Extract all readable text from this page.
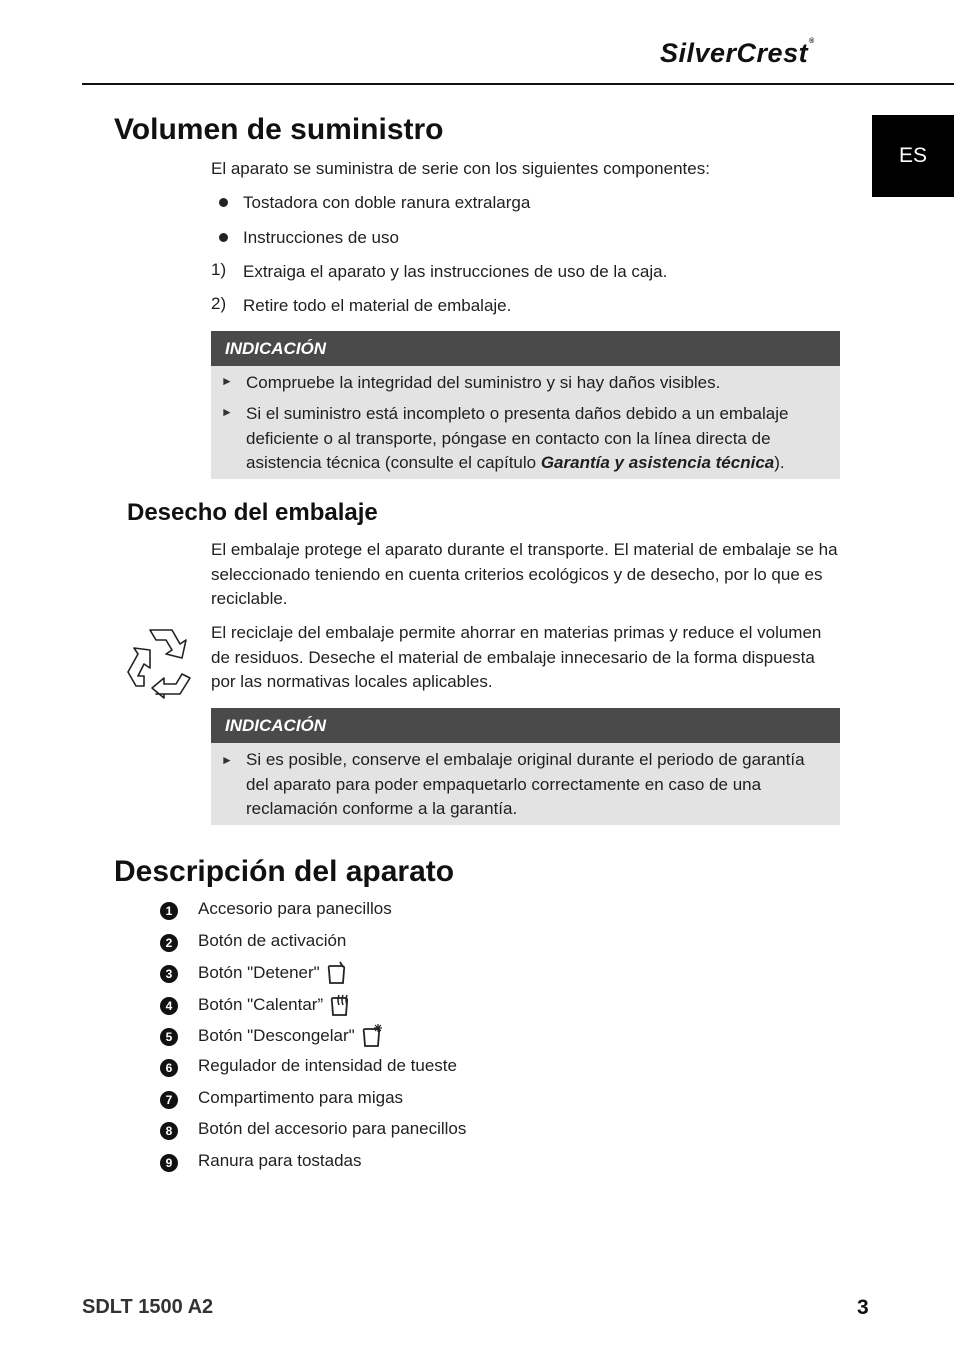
SilverCrest®
ES
Volumen de suministro
El aparato se suministra de serie con los siguientes componentes:
Tostadora con doble ranura extralarga
Instrucciones de uso
1) Extraiga el aparato y las instrucciones de uso de la caja.
2) Retire todo el material de embalaje.
INDICACIÓN
► Compruebe la integridad del suministro y si hay daños visibles.
► Si el suministro está incompleto o presenta daños debido a un embalaje deficiente o al transporte, póngase en contacto con la línea directa de asistencia técnica (consulte el capítulo Garantía y asistencia técnica).
Desecho del embalaje

El embalaje protege el aparato durante el transporte. El material de embalaje se ha seleccionado teniendo en cuenta criterios ecológicos y de desecho, por lo que es reciclable.

El reciclaje del embalaje permite ahorrar en materias primas y reduce el volumen de residuos. Deseche el material de embalaje innecesario de la forma dispuesta por las normativas locales aplicables.

INDICACIÓN
► Si es posible, conserve el embalaje original durante el periodo de garantía del aparato para poder empaquetarlo correctamente en caso de una reclamación conforme a la garantía.
Descripción del aparato
1	Accesorio para panecillos
2	Botón de activación
3	Botón "Detener"
4	Botón "Calentar”
5	Botón "Descongelar"
6	Regulador de intensidad de tueste
7	Compartimento para migas
8	Botón del accesorio para panecillos
9	Ranura para tostadas
SDLT 1500 A2	3
